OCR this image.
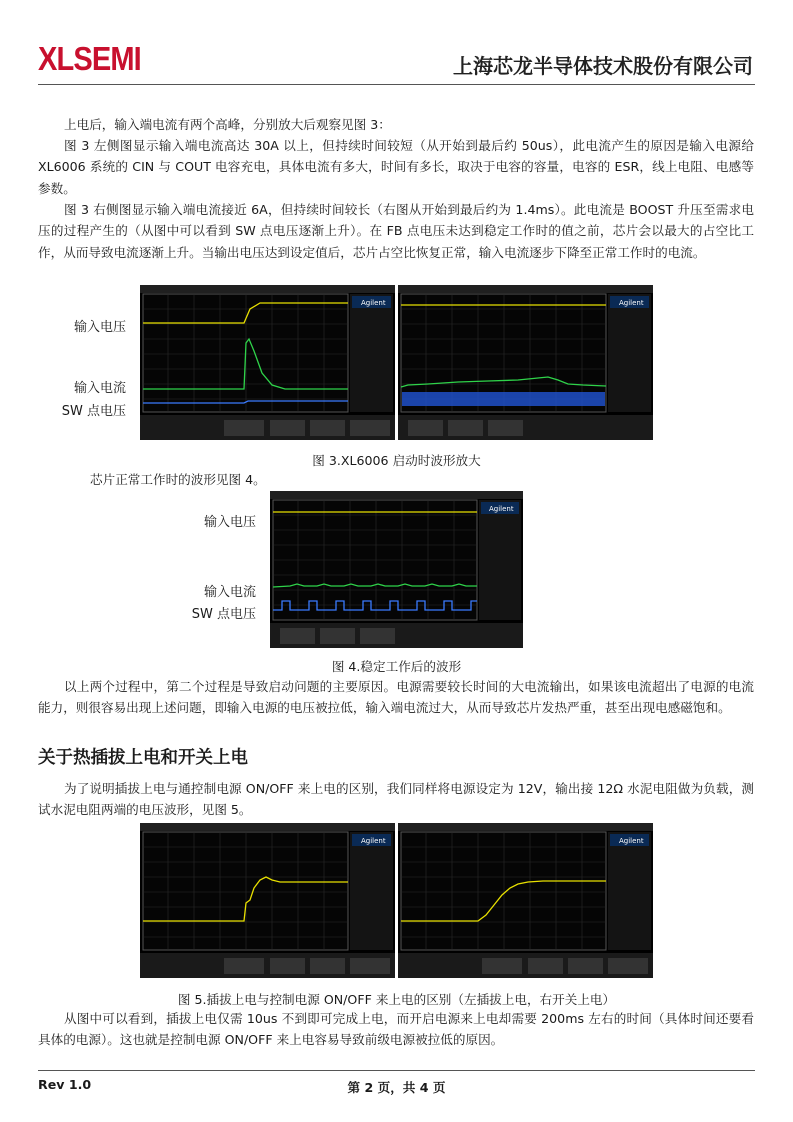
XLSEMI	上海芯龙半导体技术股份有限公司
上电后，输入端电流有两个高峰，分别放大后观察见图 3：
图 3 左侧图显示输入端电流高达 30A 以上，但持续时间较短（从开始到最后约 50us），此电流产生的原因是输入电源给 XL6006 系统的 CIN 与 COUT 电容充电，具体电流有多大，时间有多长，取决于电容的容量，电容的 ESR，线上电阻、电感等参数。
图 3 右侧图显示输入端电流接近 6A，但持续时间较长（右图从开始到最后约为 1.4ms）。此电流是 BOOST 升压至需求电压的过程产生的（从图中可以看到 SW 点电压逐渐上升）。在 FB 点电压未达到稳定工作时的值之前，芯片会以最大的占空比工作，从而导致电流逐渐上升。当输出电压达到设定值后，芯片占空比恢复正常，输入电流逐步下降至正常工作时的电流。
输入电压
输入电流
SW 点电压
Agilent	Agilent
图 3.XL6006 启动时波形放大
芯片正常工作时的波形见图 4。
输入电压
输入电流
SW 点电压
Agilent
图 4.稳定工作后的波形
以上两个过程中，第二个过程是导致启动问题的主要原因。电源需要较长时间的大电流输出，如果该电流超出了电源的电流能力，则很容易出现上述问题，即输入电源的电压被拉低，输入端电流过大，从而导致芯片发热严重，甚至出现电感磁饱和。
关于热插拔上电和开关上电
为了说明插拔上电与通控制电源 ON/OFF 来上电的区别，我们同样将电源设定为 12V，输出接 12Ω 水泥电阻做为负载，测试水泥电阻两端的电压波形，见图 5。
Agilent	Agilent
图 5.插拔上电与控制电源 ON/OFF 来上电的区别（左插拔上电，右开关上电）
从图中可以看到，插拔上电仅需 10us 不到即可完成上电，而开启电源来上电却需要 200ms 左右的时间（具体时间还要看具体的电源）。这也就是控制电源 ON/OFF 来上电容易导致前级电源被拉低的原因。
Rev 1.0	第 2 页，共 4 页
